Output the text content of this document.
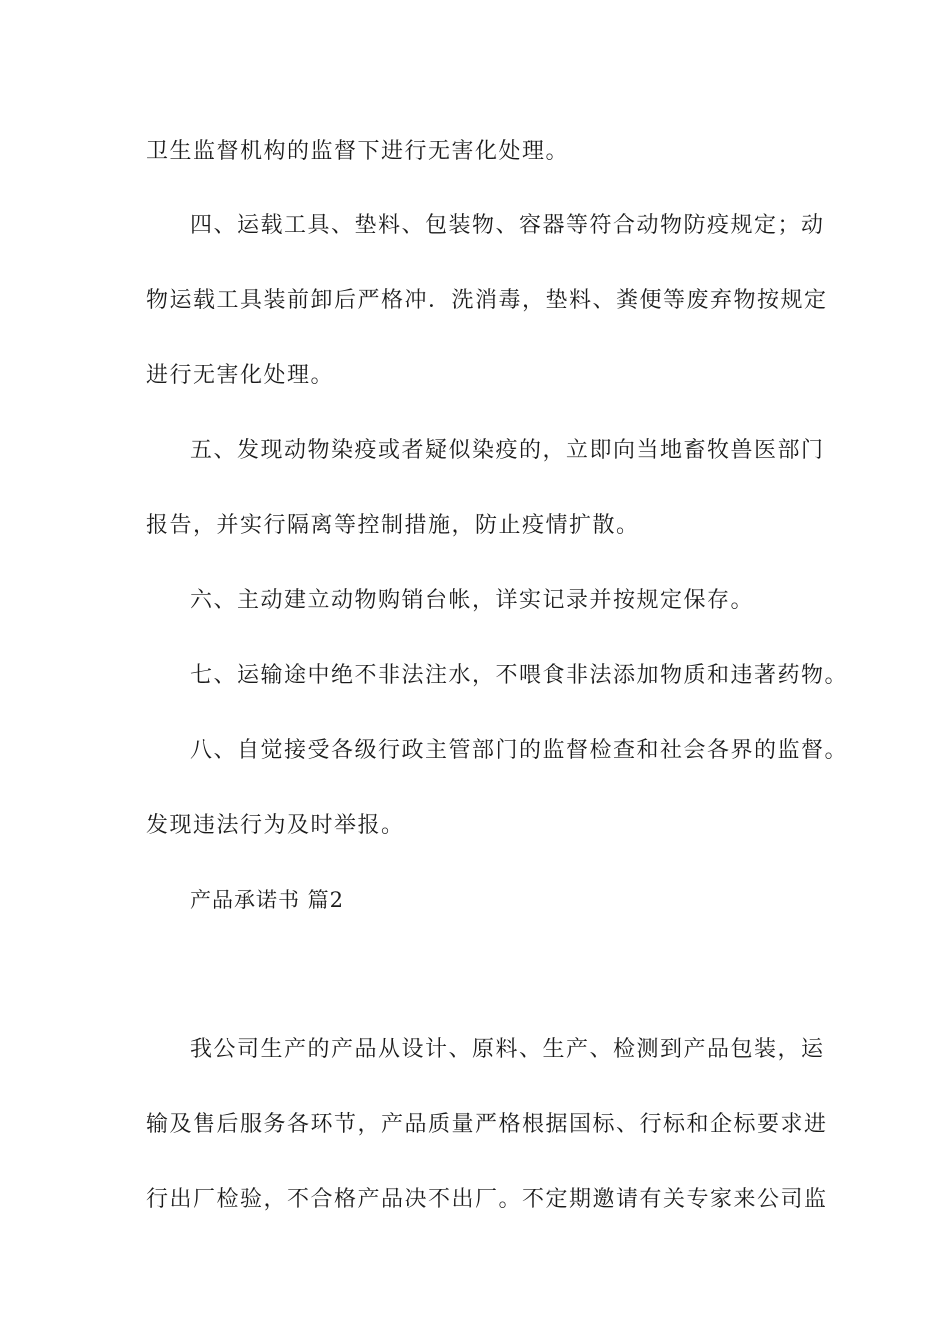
卫生监督机构的监督下进行无害化处理。
四、运载工具、垫料、包装物、容器等符合动物防疫规定；动
物运载工具装前卸后严格冲．洗消毒，垫料、粪便等废弃物按规定
进行无害化处理。
五、发现动物染疫或者疑似染疫的，立即向当地畜牧兽医部门
报告，并实行隔离等控制措施，防止疫情扩散。
六、主动建立动物购销台帐，详实记录并按规定保存。
七、运输途中绝不非法注水，不喂食非法添加物质和违著药物。
八、自觉接受各级行政主管部门的监督检查和社会各界的监督。
发现违法行为及时举报。
产品承诺书 篇2
我公司生产的产品从设计、原料、生产、检测到产品包装，运
输及售后服务各环节，产品质量严格根据国标、行标和企标要求进
行出厂检验，不合格产品决不出厂。不定期邀请有关专家来公司监
